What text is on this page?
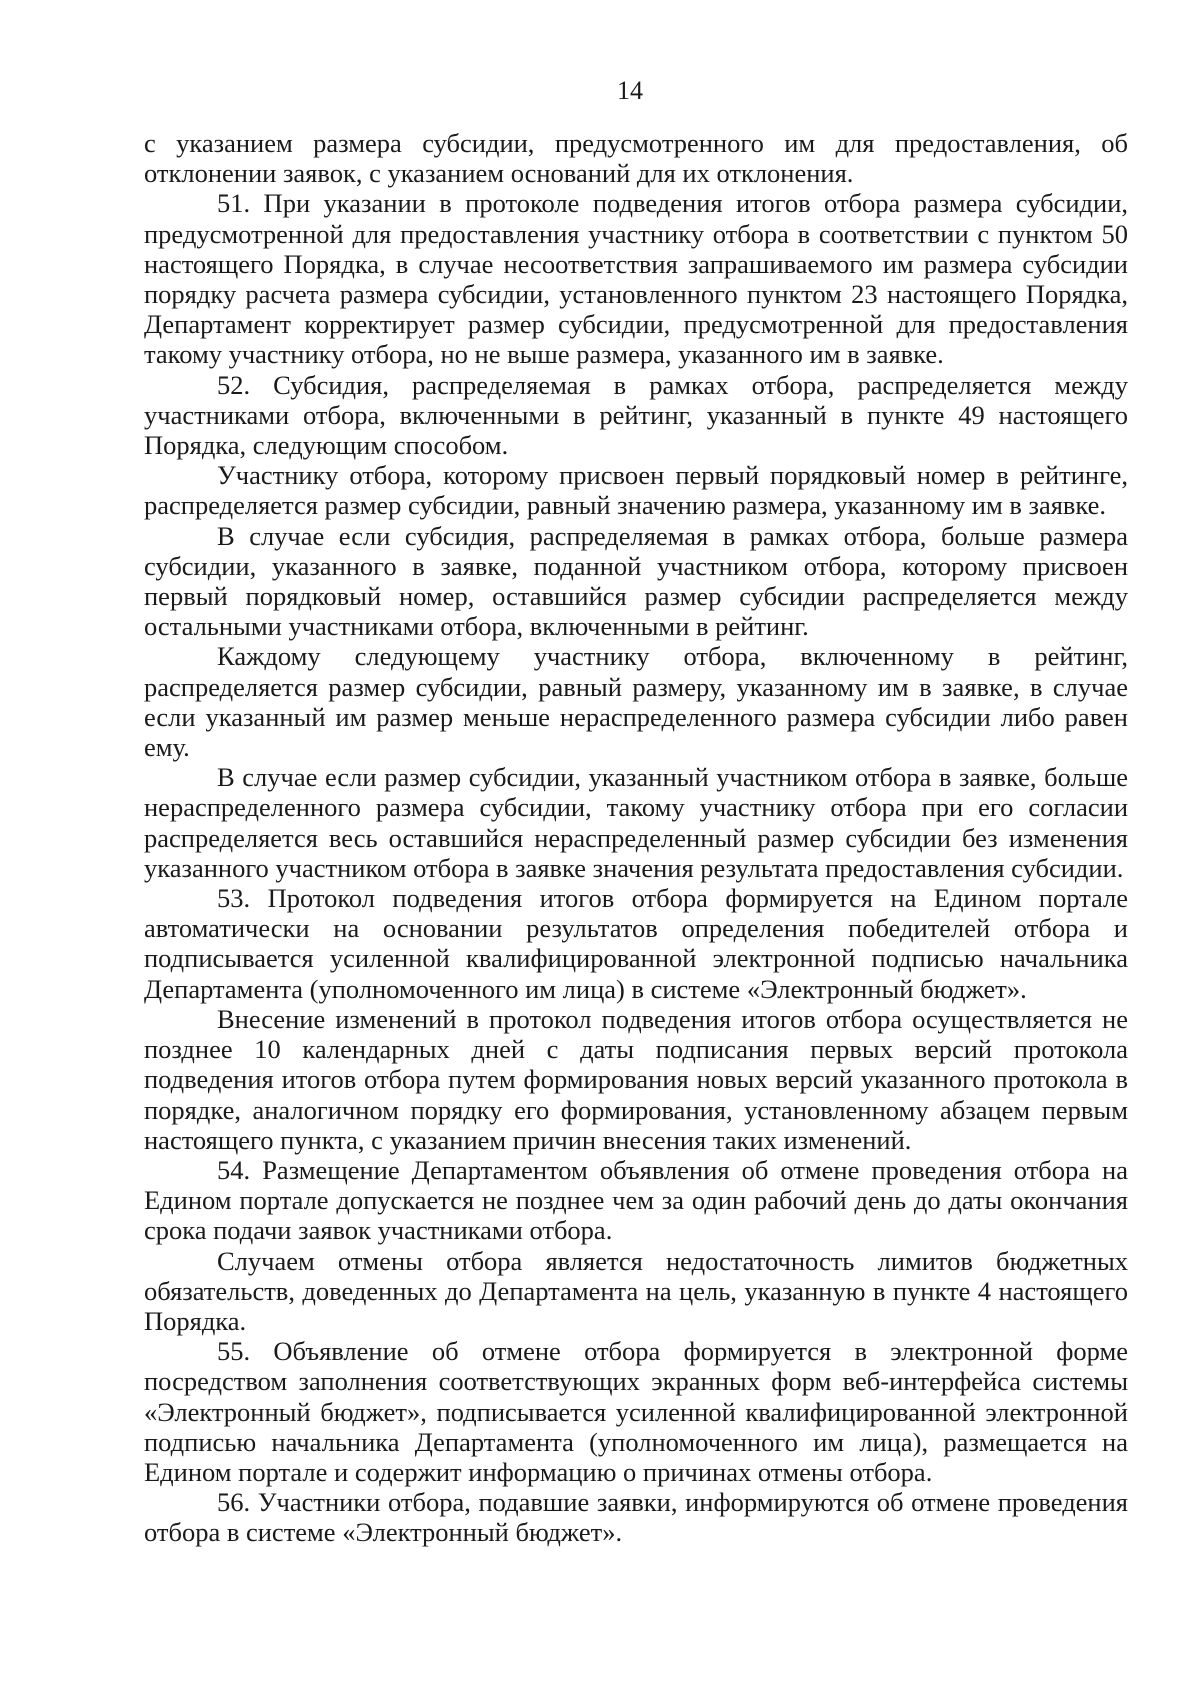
14

с указанием размера субсидии, предусмотренного им для предоставления, об отклонении заявок, с указанием оснований для их отклонения.

51. При указании в протоколе подведения итогов отбора размера субсидии, предусмотренной для предоставления участнику отбора в соответствии с пунктом 50 настоящего Порядка, в случае несоответствия запрашиваемого им размера субсидии порядку расчета размера субсидии, установленного пунктом 23 настоящего Порядка, Департамент корректирует размер субсидии, предусмотренной для предоставления такому участнику отбора, но не выше размера, указанного им в заявке.

52. Субсидия, распределяемая в рамках отбора, распределяется между участниками отбора, включенными в рейтинг, указанный в пункте 49 настоящего Порядка, следующим способом.

Участнику отбора, которому присвоен первый порядковый номер в рейтинге, распределяется размер субсидии, равный значению размера, указанному им в заявке.

В случае если субсидия, распределяемая в рамках отбора, больше размера субсидии, указанного в заявке, поданной участником отбора, которому присвоен первый порядковый номер, оставшийся размер субсидии распределяется между остальными участниками отбора, включенными в рейтинг.

Каждому следующему участнику отбора, включенному в рейтинг, распределяется размер субсидии, равный размеру, указанному им в заявке, в случае если указанный им размер меньше нераспределенного размера субсидии либо равен ему.

В случае если размер субсидии, указанный участником отбора в заявке, больше нераспределенного размера субсидии, такому участнику отбора при его согласии распределяется весь оставшийся нераспределенный размер субсидии без изменения указанного участником отбора в заявке значения результата предоставления субсидии.

53. Протокол подведения итогов отбора формируется на Едином портале автоматически на основании результатов определения победителей отбора и подписывается усиленной квалифицированной электронной подписью начальника Департамента (уполномоченного им лица) в системе «Электронный бюджет».

Внесение изменений в протокол подведения итогов отбора осуществляется не позднее 10 календарных дней с даты подписания первых версий протокола подведения итогов отбора путем формирования новых версий указанного протокола в порядке, аналогичном порядку его формирования, установленному абзацем первым настоящего пункта, с указанием причин внесения таких изменений.

54. Размещение Департаментом объявления об отмене проведения отбора на Едином портале допускается не позднее чем за один рабочий день до даты окончания срока подачи заявок участниками отбора.

Случаем отмены отбора является недостаточность лимитов бюджетных обязательств, доведенных до Департамента на цель, указанную в пункте 4 настоящего Порядка.

55. Объявление об отмене отбора формируется в электронной форме посредством заполнения соответствующих экранных форм веб-интерфейса системы «Электронный бюджет», подписывается усиленной квалифицированной электронной подписью начальника Департамента (уполномоченного им лица), размещается на Едином портале и содержит информацию о причинах отмены отбора.

56. Участники отбора, подавшие заявки, информируются об отмене проведения отбора в системе «Электронный бюджет».
